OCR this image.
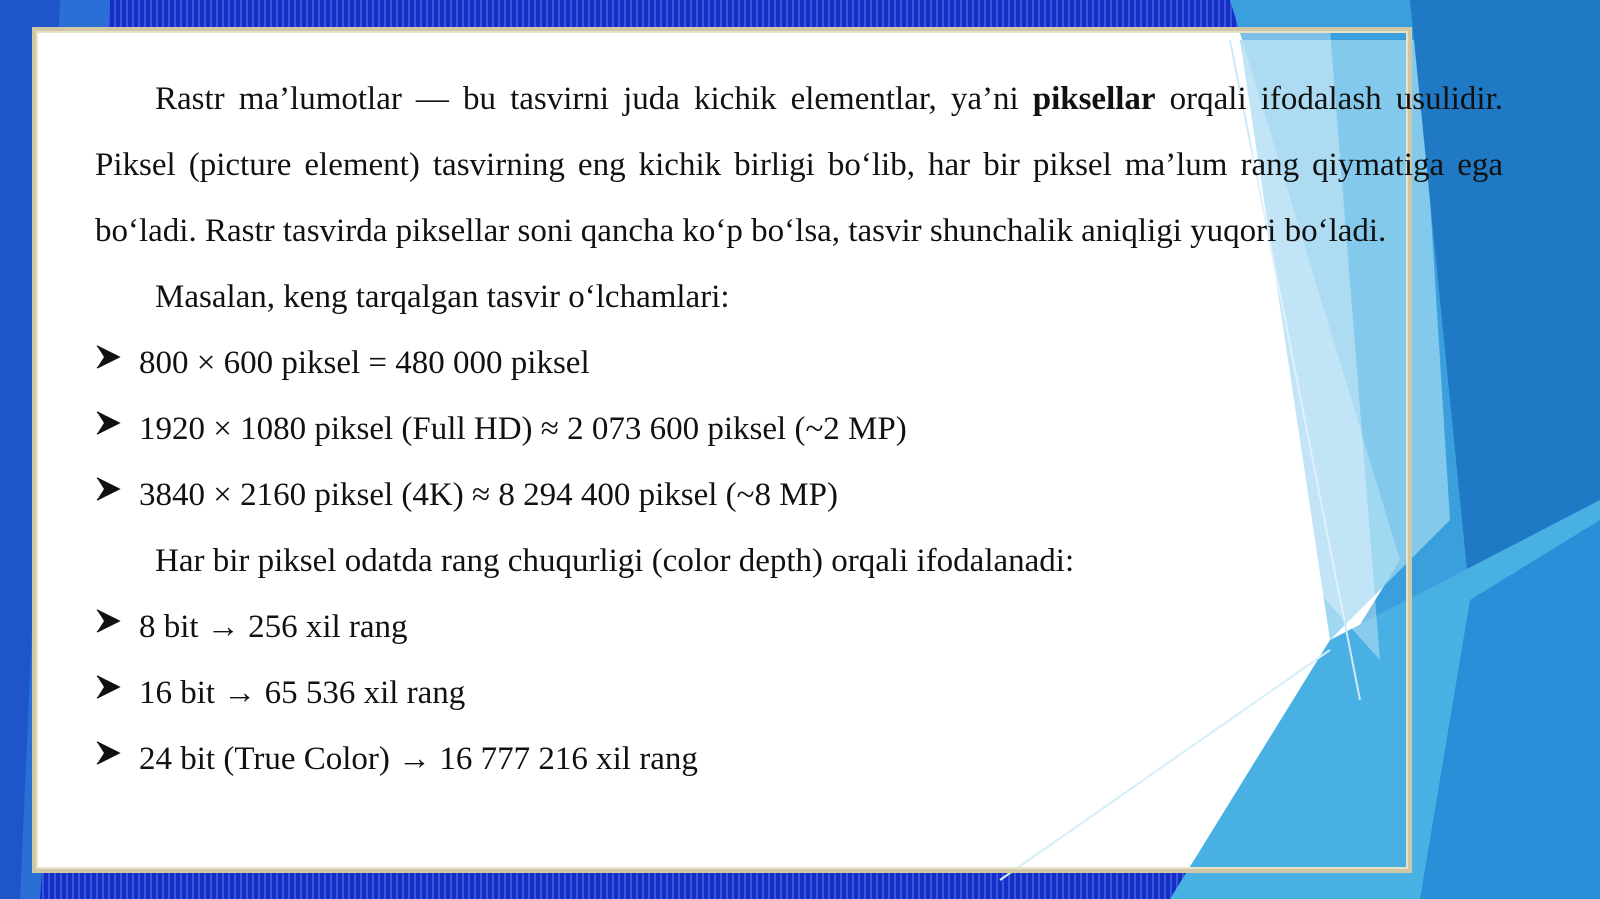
Rastr ma’lumotlar — bu tasvirni juda kichik elementlar, ya’ni piksellar orqali ifodalash usulidir. Piksel (picture element) tasvirning eng kichik birligi bo‘lib, har bir piksel ma’lum rang qiymatiga ega bo‘ladi. Rastr tasvirda piksellar soni qancha ko‘p bo‘lsa, tasvir shunchalik aniqligi yuqori bo‘ladi.

Masalan, keng tarqalgan tasvir o‘lchamlari:

800 × 600 piksel = 480 000 piksel
1920 × 1080 piksel (Full HD) ≈ 2 073 600 piksel (~2 MP)
3840 × 2160 piksel (4K) ≈ 8 294 400 piksel (~8 MP)

Har bir piksel odatda rang chuqurligi (color depth) orqali ifodalanadi:

8 bit → 256 xil rang
16 bit → 65 536 xil rang
24 bit (True Color) → 16 777 216 xil rang
